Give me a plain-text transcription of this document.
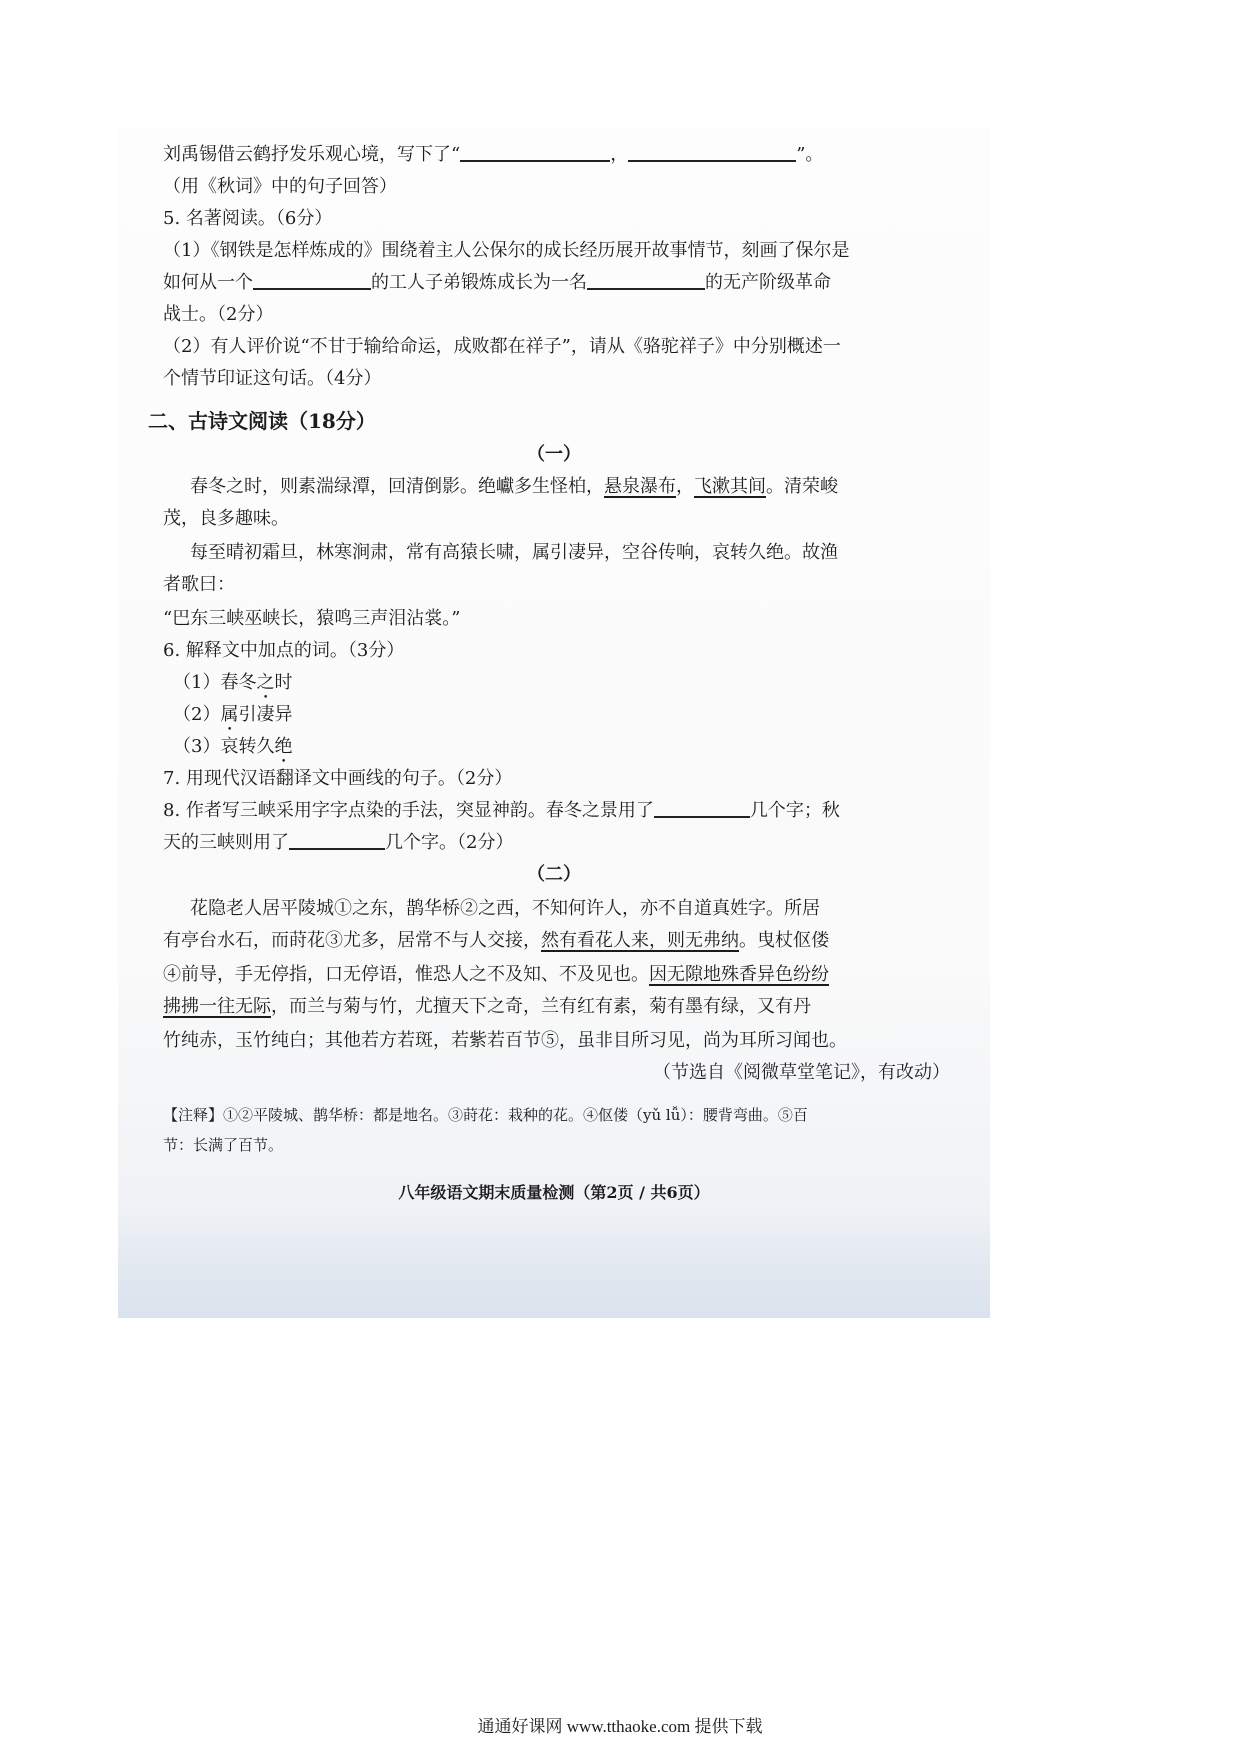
刘禹锡借云鹤抒发乐观心境，写下了“	，	”。
（用《秋词》中的句子回答）
5. 名著阅读。（6分）
（1）《钢铁是怎样炼成的》围绕着主人公保尔的成长经历展开故事情节，刻画了保尔是
如何从一个	的工人子弟锻炼成长为一名	的无产阶级革命
战士。（2分）
（2）有人评价说“不甘于输给命运，成败都在祥子”，请从《骆驼祥子》中分别概述一
个情节印证这句话。（4分）
二、古诗文阅读（18分）
（一）
春冬之时，则素湍绿潭，回清倒影。绝巘多生怪柏，悬泉瀑布，飞漱其间。清荣峻
茂，良多趣味。
每至晴初霜旦，林寒涧肃，常有高猿长啸，属引凄异，空谷传响，哀转久绝。故渔
者歌曰：
“巴东三峡巫峡长，猿鸣三声泪沾裳。”
6. 解释文中加点的词。（3分）
（1）春冬之时
（2）属引凄异
（3）哀转久绝
7. 用现代汉语翻译文中画线的句子。（2分）
8. 作者写三峡采用字字点染的手法，突显神韵。春冬之景用了	几个字；秋
天的三峡则用了	几个字。（2分）
（二）
花隐老人居平陵城①之东，鹊华桥②之西，不知何许人，亦不自道真姓字。所居
有亭台水石，而莳花③尤多，居常不与人交接，然有看花人来，则无弗纳。曳杖伛偻
④前导，手无停指，口无停语，惟恐人之不及知、不及见也。因无隙地殊香异色纷纷
拂拂一往无际，而兰与菊与竹，尤擅天下之奇，兰有红有素，菊有墨有绿，又有丹
竹纯赤，玉竹纯白；其他若方若斑，若紫若百节⑤，虽非目所习见，尚为耳所习闻也。
（节选自《阅微草堂笔记》，有改动）
【注释】①②平陵城、鹊华桥：都是地名。③莳花：栽种的花。④伛偻（yǔ lǚ）：腰背弯曲。⑤百
节：长满了百节。
八年级语文期末质量检测（第2页 / 共6页）
通通好课网 www.tthaoke.com 提供下载
